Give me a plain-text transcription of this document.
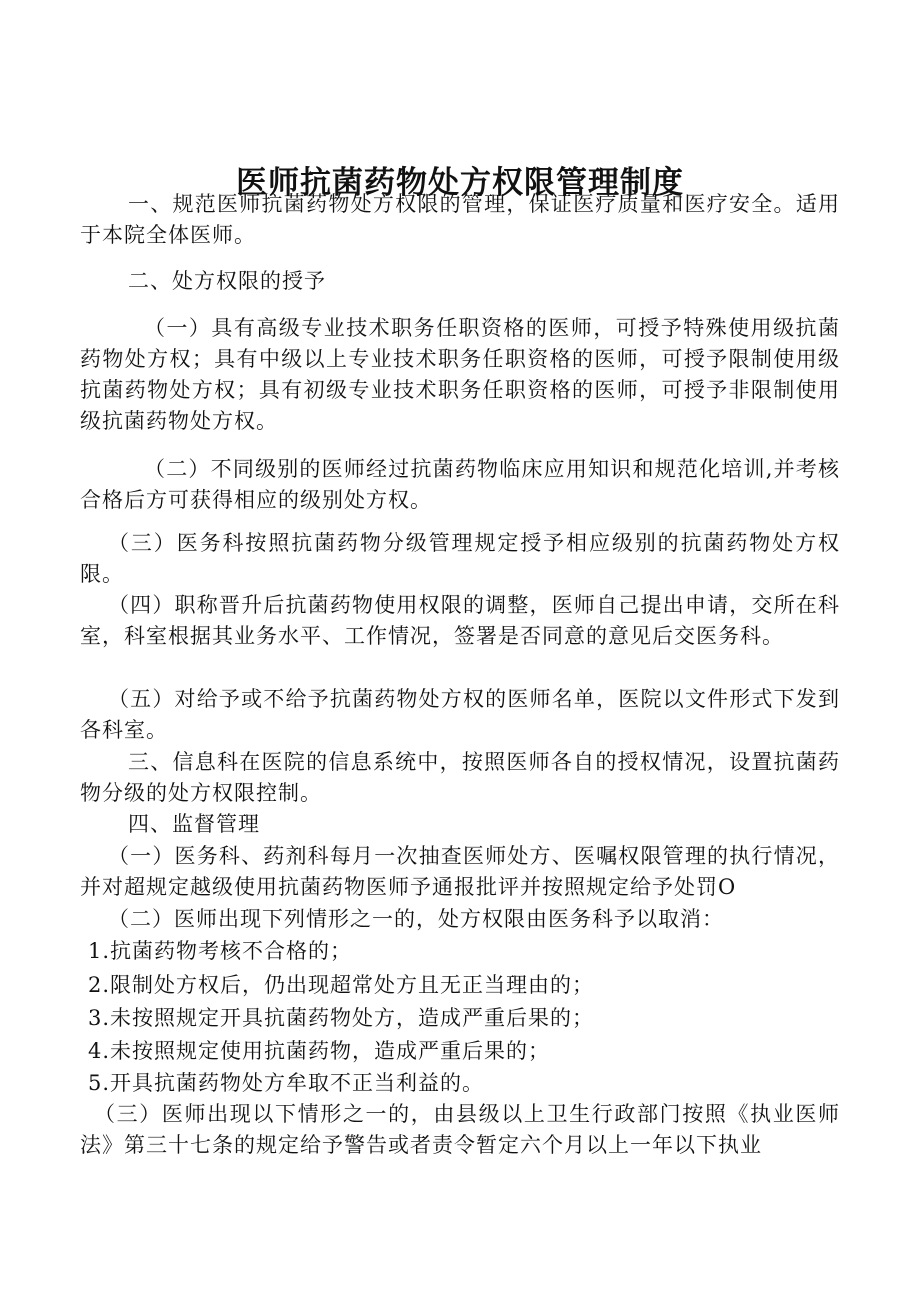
医师抗菌药物处方权限管理制度

一、规范医师抗菌药物处方权限的管理，保证医疗质量和医疗安全。适用于本院全体医师。

二、处方权限的授予

（一）具有高级专业技术职务任职资格的医师，可授予特殊使用级抗菌药物处方权；具有中级以上专业技术职务任职资格的医师，可授予限制使用级抗菌药物处方权；具有初级专业技术职务任职资格的医师，可授予非限制使用级抗菌药物处方权。

（二）不同级别的医师经过抗菌药物临床应用知识和规范化培训,并考核合格后方可获得相应的级别处方权。

（三）医务科按照抗菌药物分级管理规定授予相应级别的抗菌药物处方权限。

（四）职称晋升后抗菌药物使用权限的调整，医师自己提出申请，交所在科室，科室根据其业务水平、工作情况，签署是否同意的意见后交医务科。

（五）对给予或不给予抗菌药物处方权的医师名单，医院以文件形式下发到各科室。

三、信息科在医院的信息系统中，按照医师各自的授权情况，设置抗菌药物分级的处方权限控制。

四、监督管理

（一）医务科、药剂科每月一次抽查医师处方、医嘱权限管理的执行情况，并对超规定越级使用抗菌药物医师予通报批评并按照规定给予处罚O

（二）医师出现下列情形之一的，处方权限由医务科予以取消：

1.抗菌药物考核不合格的；

2.限制处方权后，仍出现超常处方且无正当理由的；

3.未按照规定开具抗菌药物处方，造成严重后果的；

4.未按照规定使用抗菌药物，造成严重后果的；

5.开具抗菌药物处方牟取不正当利益的。

（三）医师出现以下情形之一的，由县级以上卫生行政部门按照《执业医师法》第三十七条的规定给予警告或者责令暂定六个月以上一年以下执业
